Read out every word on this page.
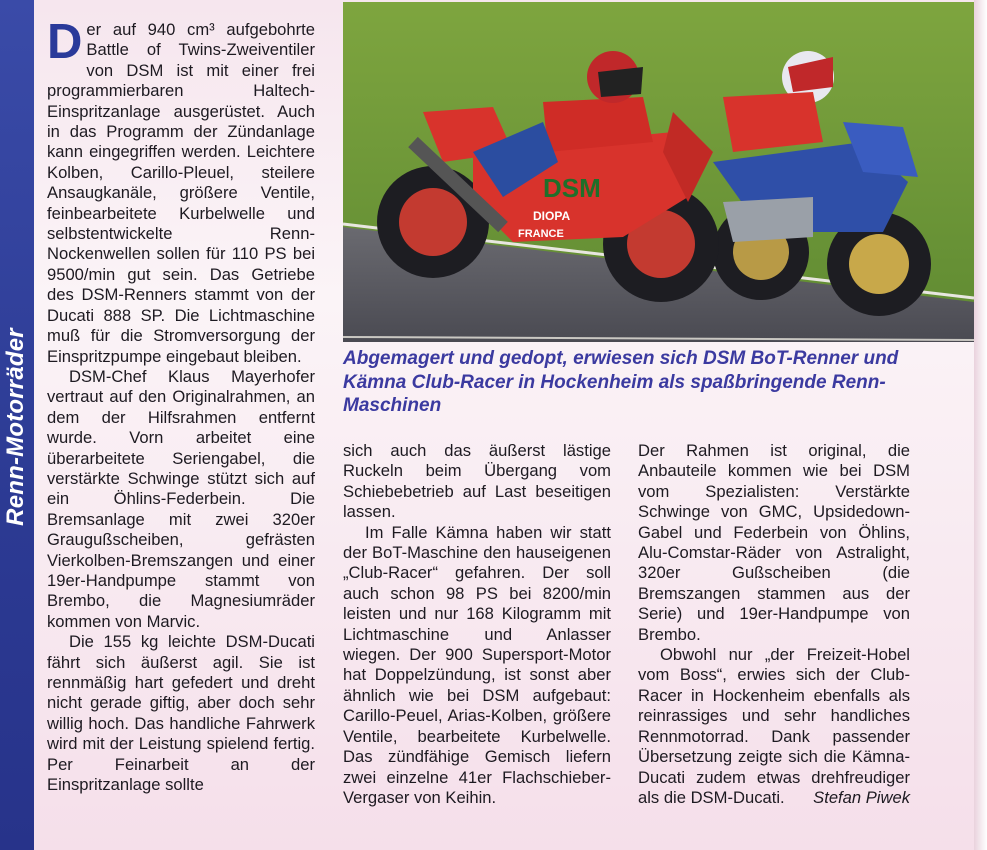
Renn-Motorräder

Der auf 940 cm³ aufgebohrte Battle of Twins-Zweiventiler von DSM ist mit einer frei programmierbaren Haltech-Einspritzanlage ausgerüstet. Auch in das Programm der Zündanlage kann eingegriffen werden. Leichtere Kolben, Carillo-Pleuel, steilere Ansaugkanäle, größere Ventile, feinbearbeitete Kurbelwelle und selbstentwickelte Renn-Nockenwellen sollen für 110 PS bei 9500/min gut sein. Das Getriebe des DSM-Renners stammt von der Ducati 888 SP. Die Lichtmaschine muß für die Stromversorgung der Einspritzpumpe eingebaut bleiben.

DSM-Chef Klaus Mayerhofer vertraut auf den Originalrahmen, an dem der Hilfsrahmen entfernt wurde. Vorn arbeitet eine überarbeitete Seriengabel, die verstärkte Schwinge stützt sich auf ein Öhlins-Federbein. Die Bremsanlage mit zwei 320er Graugußscheiben, gefrästen Vierkolben-Bremszangen und einer 19er-Handpumpe stammt von Brembo, die Magnesiumräder kommen von Marvic.

Die 155 kg leichte DSM-Ducati fährt sich äußerst agil. Sie ist rennmäßig hart gefedert und dreht nicht gerade giftig, aber doch sehr willig hoch. Das handliche Fahrwerk wird mit der Leistung spielend fertig. Per Feinarbeit an der Einspritzanlage sollte

DSM
DIOPA
FRANCE
Abgemagert und gedopt, erwiesen sich DSM BoT-Renner und Kämna Club-Racer in Hockenheim als spaßbringende Renn-Maschinen

sich auch das äußerst lästige Ruckeln beim Übergang vom Schiebebetrieb auf Last beseitigen lassen.

Im Falle Kämna haben wir statt der BoT-Maschine den hauseigenen „Club-Racer“ gefahren. Der soll auch schon 98 PS bei 8200/min leisten und nur 168 Kilogramm mit Lichtmaschine und Anlasser wiegen. Der 900 Supersport-Motor hat Doppelzündung, ist sonst aber ähnlich wie bei DSM aufgebaut: Carillo-Peuel, Arias-Kolben, größere Ventile, bearbeitete Kurbelwelle. Das zündfähige Gemisch liefern zwei einzelne 41er Flachschieber-Vergaser von Keihin.

Der Rahmen ist original, die Anbauteile kommen wie bei DSM vom Spezialisten: Verstärkte Schwinge von GMC, Upsidedown-Gabel und Federbein von Öhlins, Alu-Comstar-Räder von Astralight, 320er Gußscheiben (die Bremszangen stammen aus der Serie) und 19er-Handpumpe von Brembo.

Obwohl nur „der Freizeit-Hobel vom Boss“, erwies sich der Club-Racer in Hockenheim ebenfalls als reinrassiges und sehr handliches Rennmotorrad. Dank passender Übersetzung zeigte sich die Kämna-Ducati zudem etwas drehfreudiger als die DSM-Ducati.	Stefan Piwek
